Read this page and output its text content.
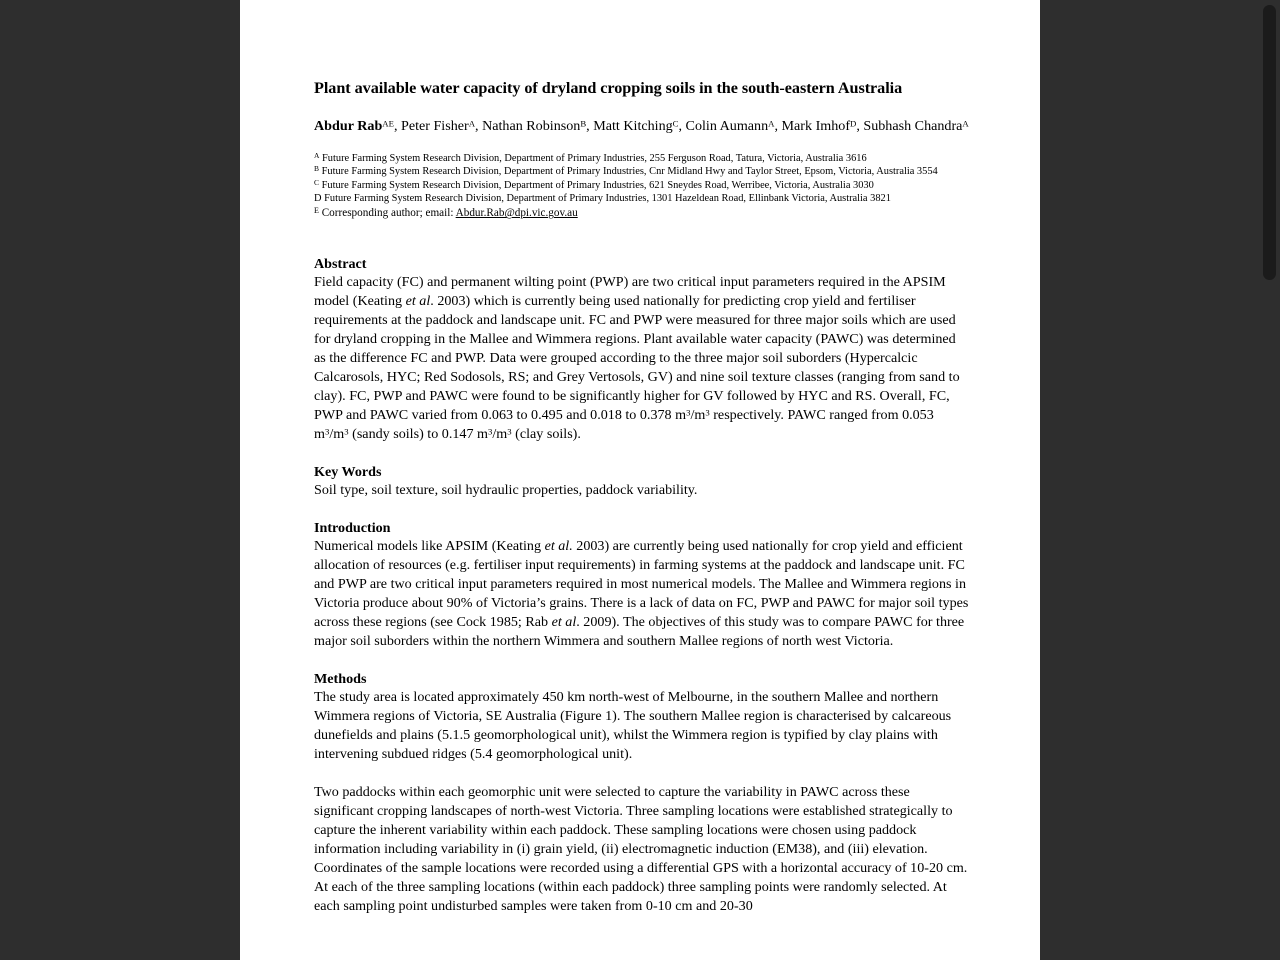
Plant available water capacity of dryland cropping soils in the south-eastern Australia

Abdur Rab$^{AE}$, Peter Fisher$^A$, Nathan Robinson$^B$, Matt Kitching$^C$, Colin Aumann$^A$, Mark Imhof$^D$, Subhash Chandra$^A$

$^A$ Future Farming System Research Division, Department of Primary Industries, 255 Ferguson Road, Tatura, Victoria, Australia 3616

$^B$ Future Farming System Research Division, Department of Primary Industries, Cnr Midland Hwy and Taylor Street, Epsom, Victoria, Australia 3554

$^C$ Future Farming System Research Division, Department of Primary Industries, 621 Sneydes Road, Werribee, Victoria, Australia 3030

D Future Farming System Research Division, Department of Primary Industries, 1301 Hazeldean Road, Ellinbank Victoria, Australia 3821

$^E$ Corresponding author; email: Abdur.Rab@dpi.vic.gov.au

Abstract

Field capacity (FC) and permanent wilting point (PWP) are two critical input parameters required in the APSIM model (Keating et al. 2003) which is currently being used nationally for predicting crop yield and fertiliser requirements at the paddock and landscape unit. FC and PWP were measured for three major soils which are used for dryland cropping in the Mallee and Wimmera regions. Plant available water capacity (PAWC) was determined as the difference FC and PWP. Data were grouped according to the three major soil suborders (Hypercalcic Calcarosols, HYC; Red Sodosols, RS; and Grey Vertosols, GV) and nine soil texture classes (ranging from sand to clay). FC, PWP and PAWC were found to be significantly higher for GV followed by HYC and RS. Overall, FC, PWP and PAWC varied from 0.063 to 0.495 and 0.018 to 0.378 $m^3/m^3$ respectively. PAWC ranged from 0.053 $m^3/m^3$ (sandy soils) to 0.147 $m^3/m^3$ (clay soils).

Key Words

Soil type, soil texture, soil hydraulic properties, paddock variability.

Introduction

Numerical models like APSIM (Keating et al. 2003) are currently being used nationally for crop yield and efficient allocation of resources (e.g. fertiliser input requirements) in farming systems at the paddock and landscape unit. FC and PWP are two critical input parameters required in most numerical models. The Mallee and Wimmera regions in Victoria produce about 90% of Victoria’s grains. There is a lack of data on FC, PWP and PAWC for major soil types across these regions (see Cock 1985; Rab et al. 2009). The objectives of this study was to compare PAWC for three major soil suborders within the northern Wimmera and southern Mallee regions of north west Victoria.

Methods

The study area is located approximately 450 km north-west of Melbourne, in the southern Mallee and northern Wimmera regions of Victoria, SE Australia (Figure 1). The southern Mallee region is characterised by calcareous dunefields and plains (5.1.5 geomorphological unit), whilst the Wimmera region is typified by clay plains with intervening subdued ridges (5.4 geomorphological unit).

Two paddocks within each geomorphic unit were selected to capture the variability in PAWC across these significant cropping landscapes of north-west Victoria. Three sampling locations were established strategically to capture the inherent variability within each paddock. These sampling locations were chosen using paddock information including variability in (i) grain yield, (ii) electromagnetic induction (EM38), and (iii) elevation. Coordinates of the sample locations were recorded using a differential GPS with a horizontal accuracy of 10-20 cm. At each of the three sampling locations (within each paddock) three sampling points were randomly selected. At each sampling point undisturbed samples were taken from 0-10 cm and 20-30
